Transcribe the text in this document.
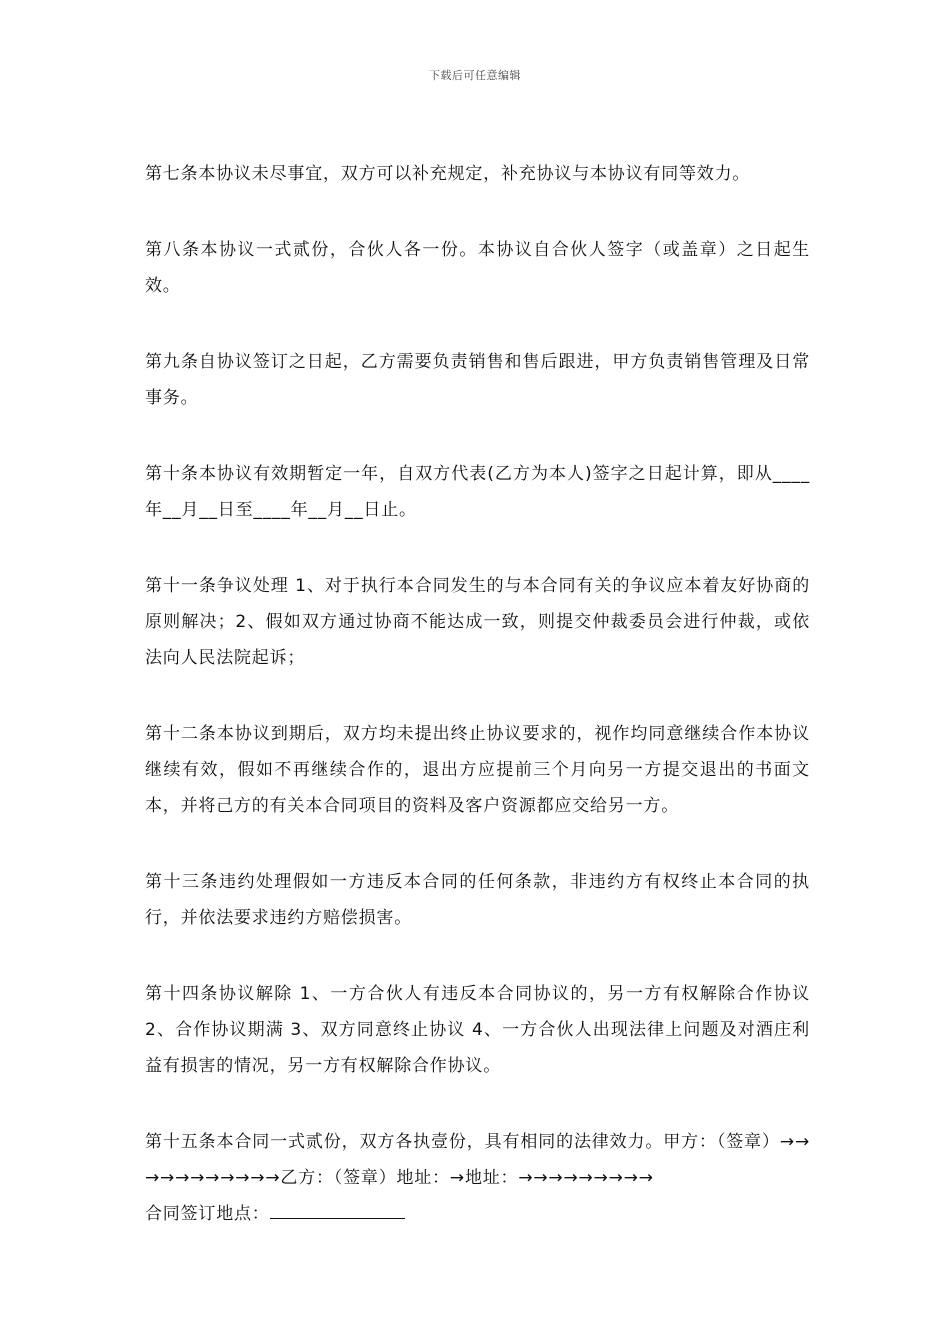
下载后可任意编辑

第七条本协议未尽事宜，双方可以补充规定，补充协议与本协议有同等效力。

第八条本协议一式贰份，合伙人各一份。本协议自合伙人签字（或盖章）之日起生效。

第九条自协议签订之日起，乙方需要负责销售和售后跟进，甲方负责销售管理及日常事务。

第十条本协议有效期暂定一年，自双方代表(乙方为本人)签字之日起计算，即从____年__月__日至____年__月__日止。

第十一条争议处理 1、对于执行本合同发生的与本合同有关的争议应本着友好协商的原则解决；2、假如双方通过协商不能达成一致，则提交仲裁委员会进行仲裁，或依法向人民法院起诉；

第十二条本协议到期后，双方均未提出终止协议要求的，视作均同意继续合作本协议继续有效，假如不再继续合作的，退出方应提前三个月向另一方提交退出的书面文本，并将己方的有关本合同项目的资料及客户资源都应交给另一方。

第十三条违约处理假如一方违反本合同的任何条款，非违约方有权终止本合同的执行，并依法要求违约方赔偿损害。

第十四条协议解除 1、一方合伙人有违反本合同协议的，另一方有权解除合作协议 2、合作协议期满 3、双方同意终止协议 4、一方合伙人出现法律上问题及对酒庄利益有损害的情况，另一方有权解除合作协议。

第十五条本合同一式贰份，双方各执壹份，具有相同的法律效力。甲方：（签章）→→→→→→→→→→→乙方：（签章）地址：→地址：→→→→→→→→→
合同签订地点：
